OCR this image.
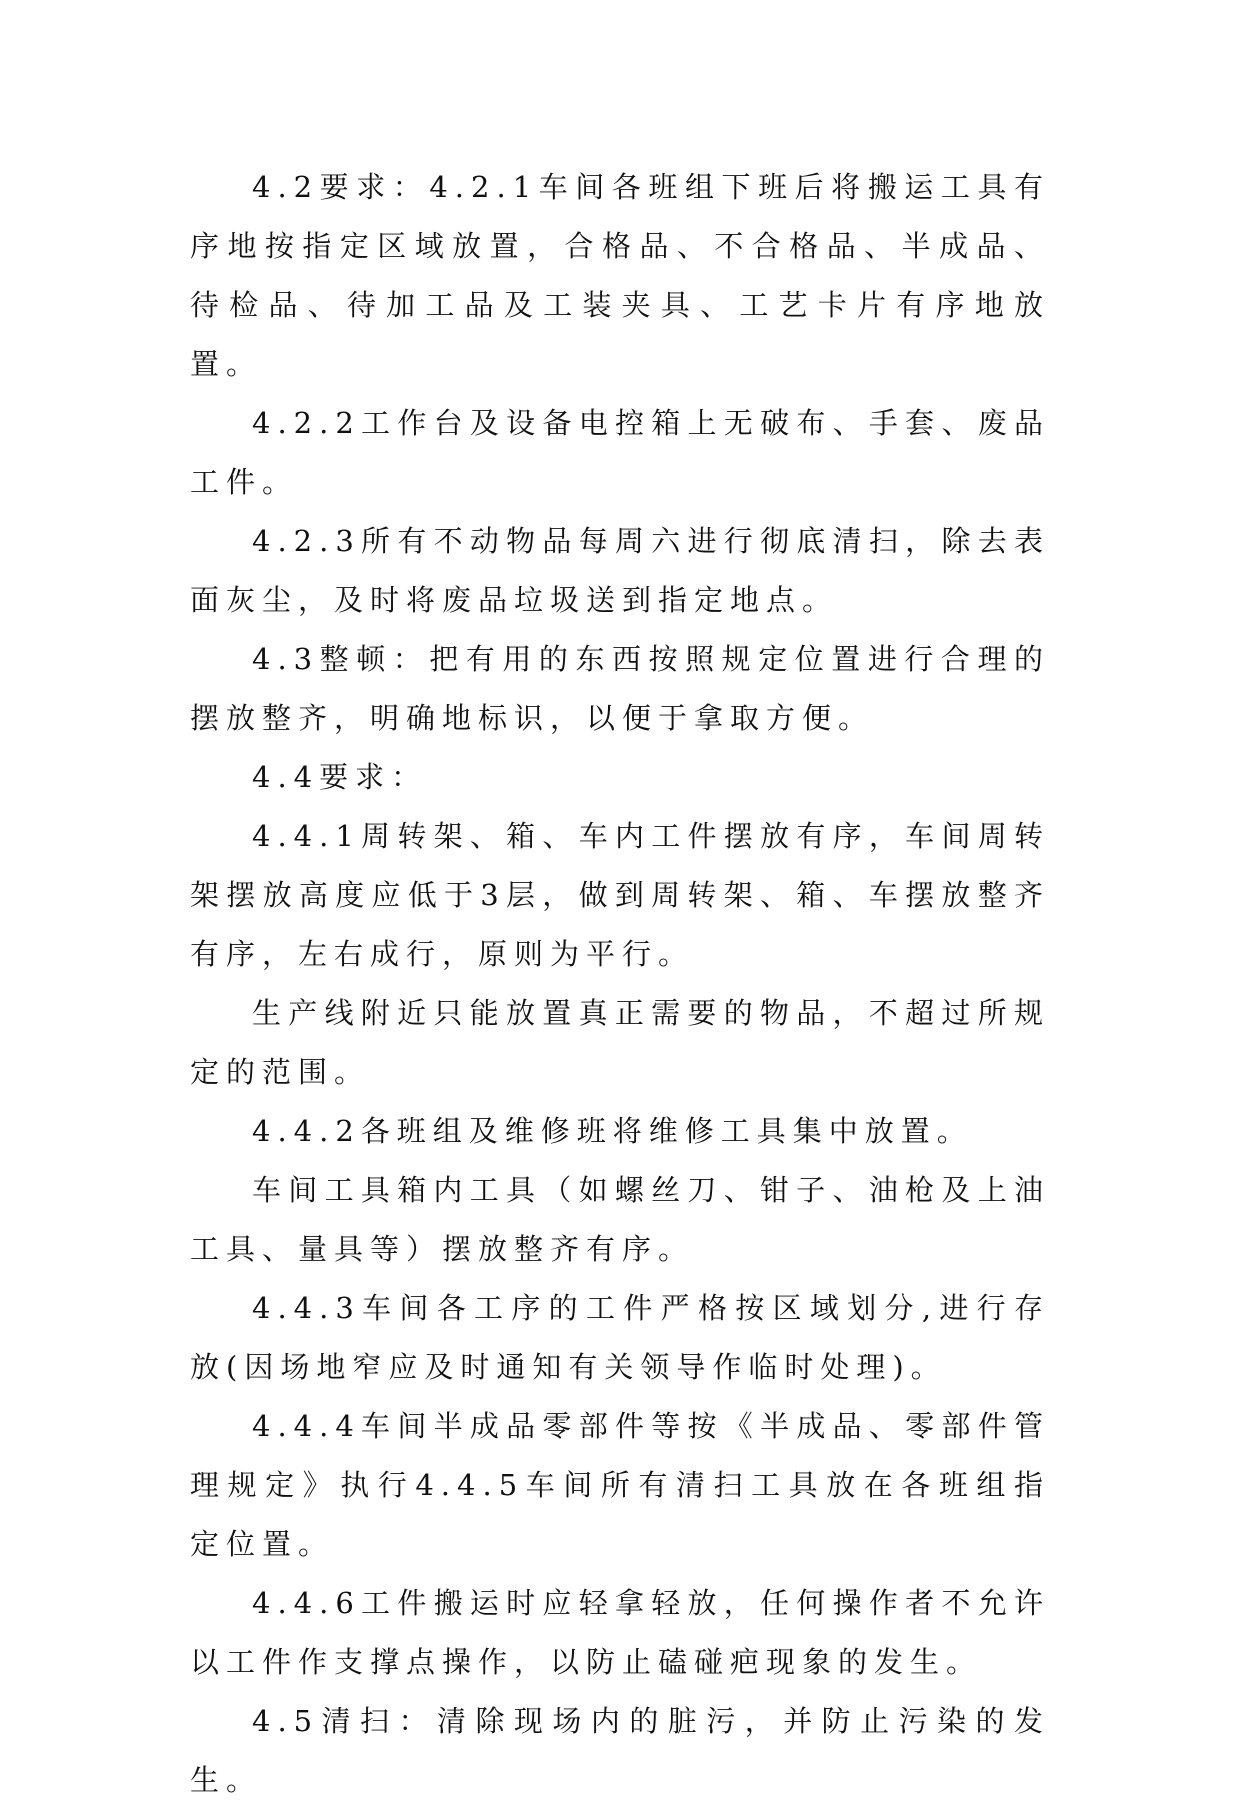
4.2要求：4.2.1车间各班组下班后将搬运工具有序地按指定区域放置，合格品、不合格品、半成品、待检品、待加工品及工装夹具、工艺卡片有序地放置。

4.2.2工作台及设备电控箱上无破布、手套、废品工件。

4.2.3所有不动物品每周六进行彻底清扫，除去表面灰尘，及时将废品垃圾送到指定地点。

4.3整顿：把有用的东西按照规定位置进行合理的摆放整齐，明确地标识，以便于拿取方便。

4.4要求：

4.4.1周转架、箱、车内工件摆放有序，车间周转架摆放高度应低于3层，做到周转架、箱、车摆放整齐有序，左右成行，原则为平行。

生产线附近只能放置真正需要的物品，不超过所规定的范围。

4.4.2各班组及维修班将维修工具集中放置。

车间工具箱内工具（如螺丝刀、钳子、油枪及上油工具、量具等）摆放整齐有序。

4.4.3车间各工序的工件严格按区域划分,进行存放(因场地窄应及时通知有关领导作临时处理)。

4.4.4车间半成品零部件等按《半成品、零部件管理规定》执行4.4.5车间所有清扫工具放在各班组指定位置。

4.4.6工件搬运时应轻拿轻放，任何操作者不允许以工件作支撑点操作，以防止磕碰疤现象的发生。

4.5清扫：清除现场内的脏污，并防止污染的发生。
